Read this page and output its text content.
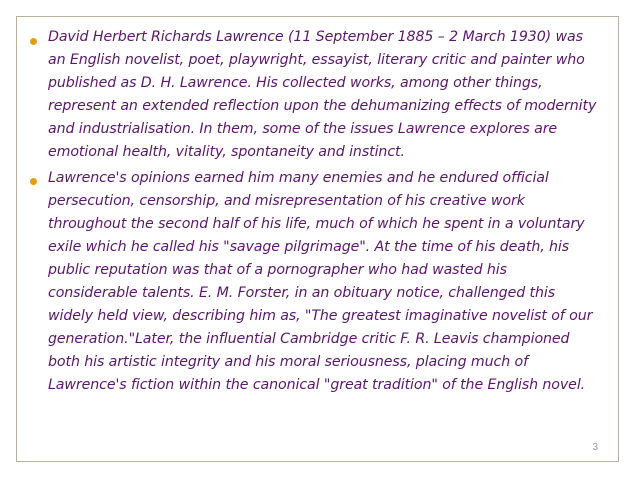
David Herbert Richards Lawrence (11 September 1885 – 2 March 1930) was an English novelist, poet, playwright, essayist, literary critic and painter who published as D. H. Lawrence. His collected works, among other things, represent an extended reflection upon the dehumanizing effects of modernity and industrialisation. In them, some of the issues Lawrence explores are emotional health, vitality, spontaneity and instinct.
Lawrence's opinions earned him many enemies and he endured official persecution, censorship, and misrepresentation of his creative work throughout the second half of his life, much of which he spent in a voluntary exile which he called his "savage pilgrimage". At the time of his death, his public reputation was that of a pornographer who had wasted his considerable talents. E. M. Forster, in an obituary notice, challenged this widely held view, describing him as, "The greatest imaginative novelist of our generation."Later, the influential Cambridge critic F. R. Leavis championed both his artistic integrity and his moral seriousness, placing much of Lawrence's fiction within the canonical "great tradition" of the English novel.
3
